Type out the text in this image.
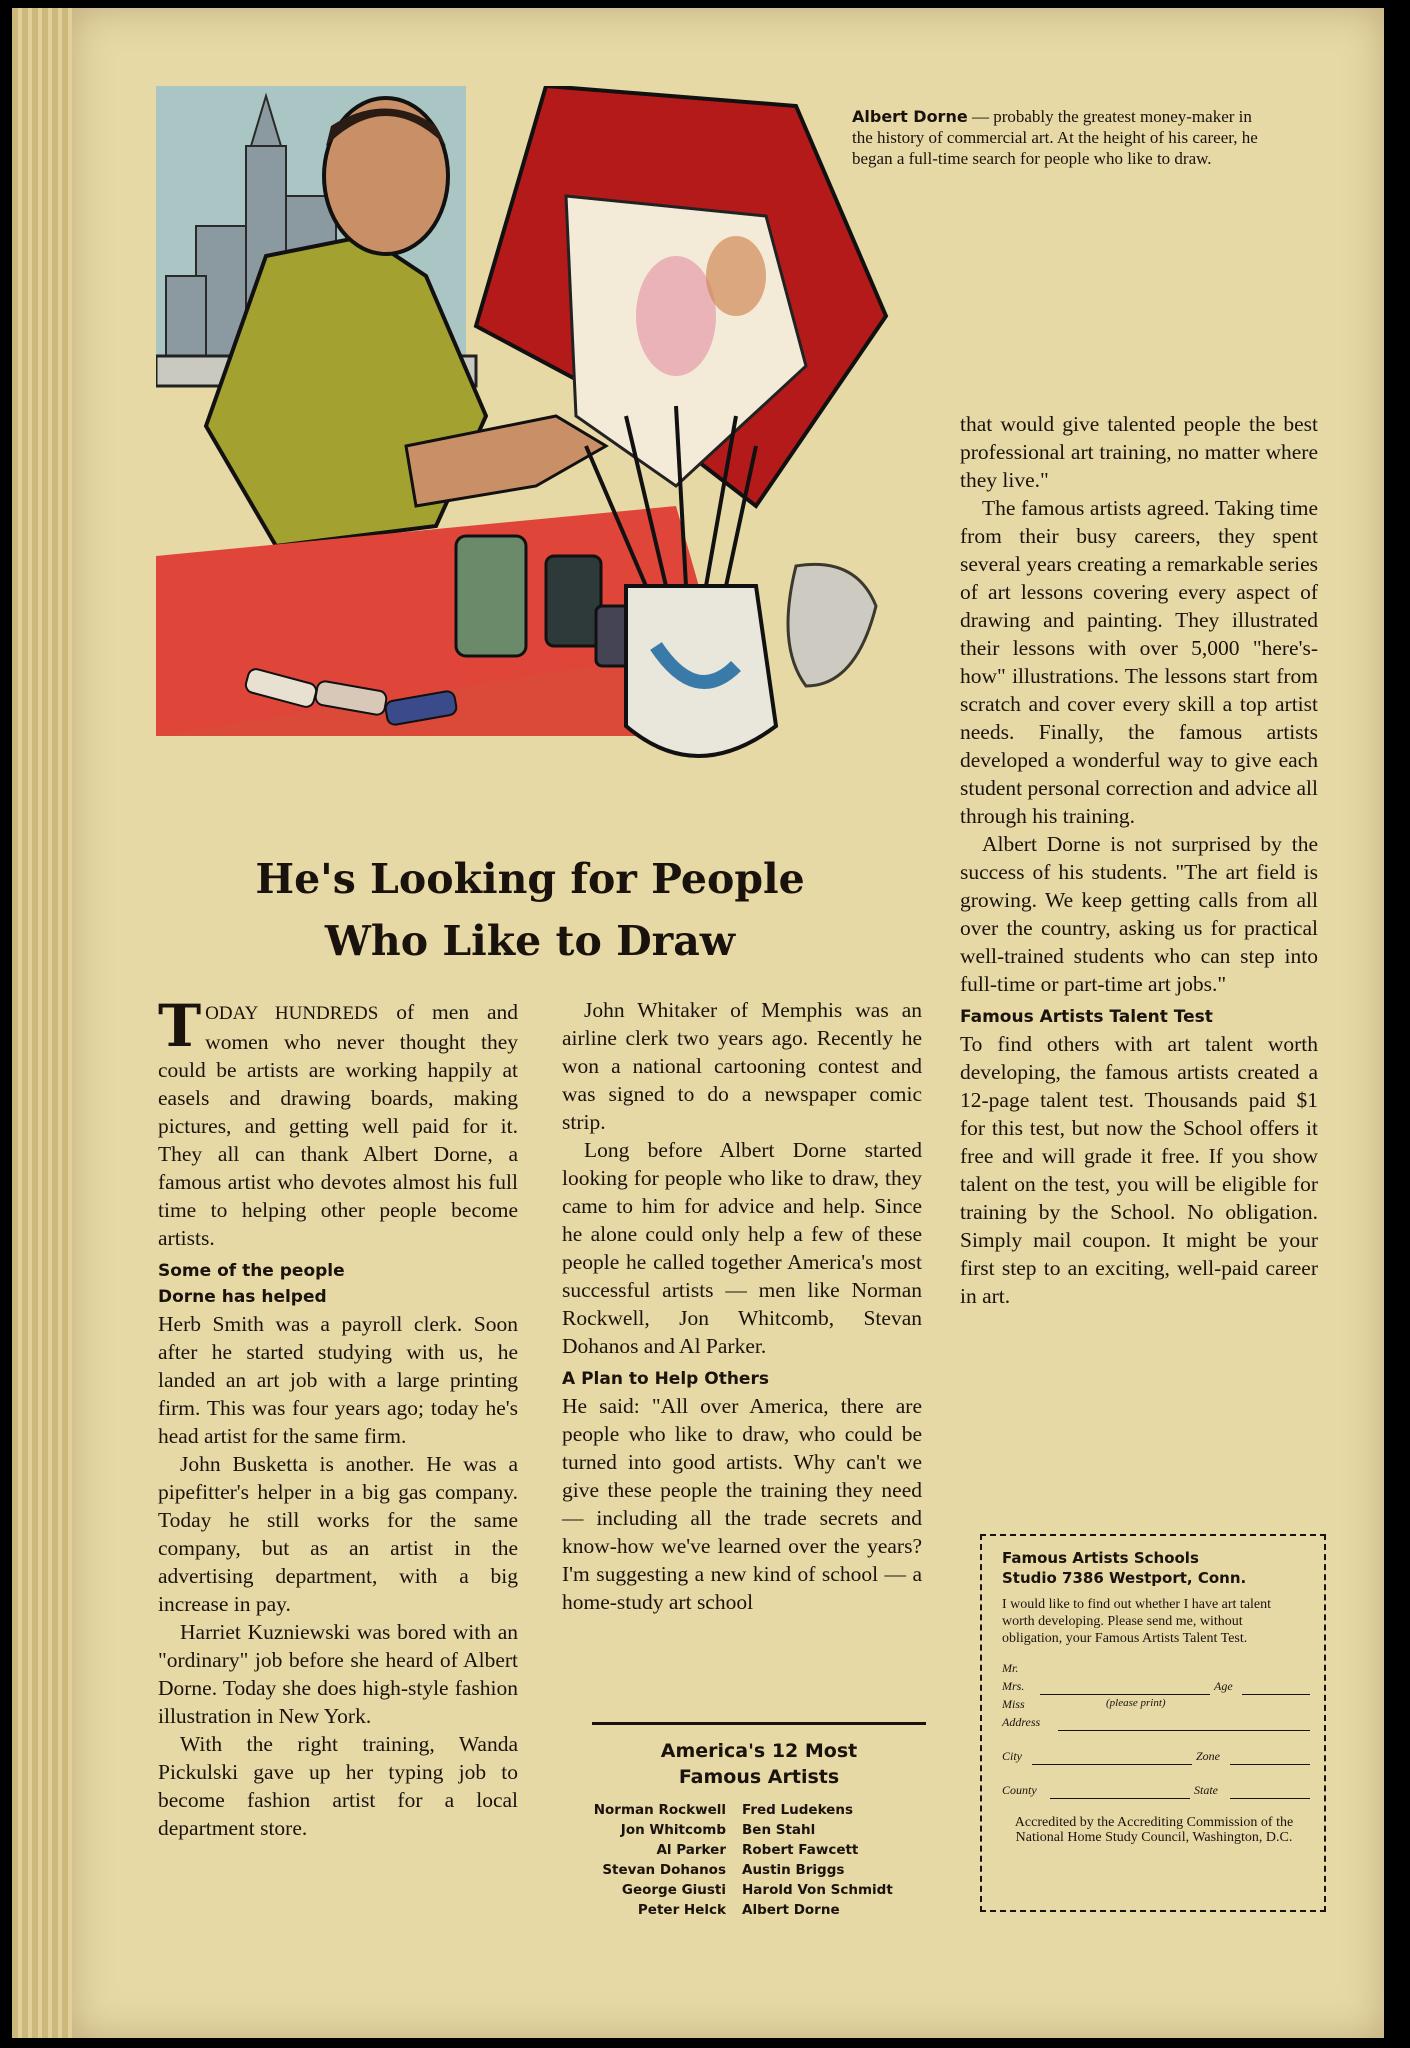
Albert Dorne — probably the greatest money-maker in the history of commercial art. At the height of his career, he began a full-time search for people who like to draw.
He's Looking for People
Who Like to Draw

TODAY HUNDREDS of men and women who never thought they could be artists are working happily at easels and drawing boards, making pictures, and getting well paid for it. They all can thank Albert Dorne, a famous artist who devotes almost his full time to helping other people become artists.

Some of the people
Dorne has helped

Herb Smith was a payroll clerk. Soon after he started studying with us, he landed an art job with a large printing firm. This was four years ago; today he's head artist for the same firm.

John Busketta is another. He was a pipefitter's helper in a big gas company. Today he still works for the same company, but as an artist in the advertising department, with a big increase in pay.

Harriet Kuzniewski was bored with an "ordinary" job before she heard of Albert Dorne. Today she does high-style fashion illustration in New York.

With the right training, Wanda Pickulski gave up her typing job to become fashion artist for a local department store.

John Whitaker of Memphis was an airline clerk two years ago. Recently he won a national cartooning contest and was signed to do a newspaper comic strip.

Long before Albert Dorne started looking for people who like to draw, they came to him for advice and help. Since he alone could only help a few of these people he called together America's most successful artists — men like Norman Rockwell, Jon Whitcomb, Stevan Dohanos and Al Parker.

A Plan to Help Others

He said: "All over America, there are people who like to draw, who could be turned into good artists. Why can't we give these people the training they need — including all the trade secrets and know-how we've learned over the years? I'm suggesting a new kind of school — a home-study art school

that would give talented people the best professional art training, no matter where they live."

The famous artists agreed. Taking time from their busy careers, they spent several years creating a remarkable series of art lessons covering every aspect of drawing and painting. They illustrated their lessons with over 5,000 "here's-how" illustrations. The lessons start from scratch and cover every skill a top artist needs. Finally, the famous artists developed a wonderful way to give each student personal correction and advice all through his training.

Albert Dorne is not surprised by the success of his students. "The art field is growing. We keep getting calls from all over the country, asking us for practical well-trained students who can step into full-time or part-time art jobs."

Famous Artists Talent Test

To find others with art talent worth developing, the famous artists created a 12-page talent test. Thousands paid $1 for this test, but now the School offers it free and will grade it free. If you show talent on the test, you will be eligible for training by the School. No obligation. Simply mail coupon. It might be your first step to an exciting, well-paid career in art.

America's 12 Most
Famous Artists
Norman Rockwell
Jon Whitcomb
Al Parker
Stevan Dohanos
George Giusti
Peter Helck
Fred Ludekens
Ben Stahl
Robert Fawcett
Austin Briggs
Harold Von Schmidt
Albert Dorne
Famous Artists Schools
Studio 7386 Westport, Conn.
I would like to find out whether I have art talent worth developing. Please send me, without obligation, your Famous Artists Talent Test.
Mr.
Mrs.	Age
Miss	(please print)
Address
City	Zone
County	State
Accredited by the Accrediting Commission of the National Home Study Council, Washington, D.C.
